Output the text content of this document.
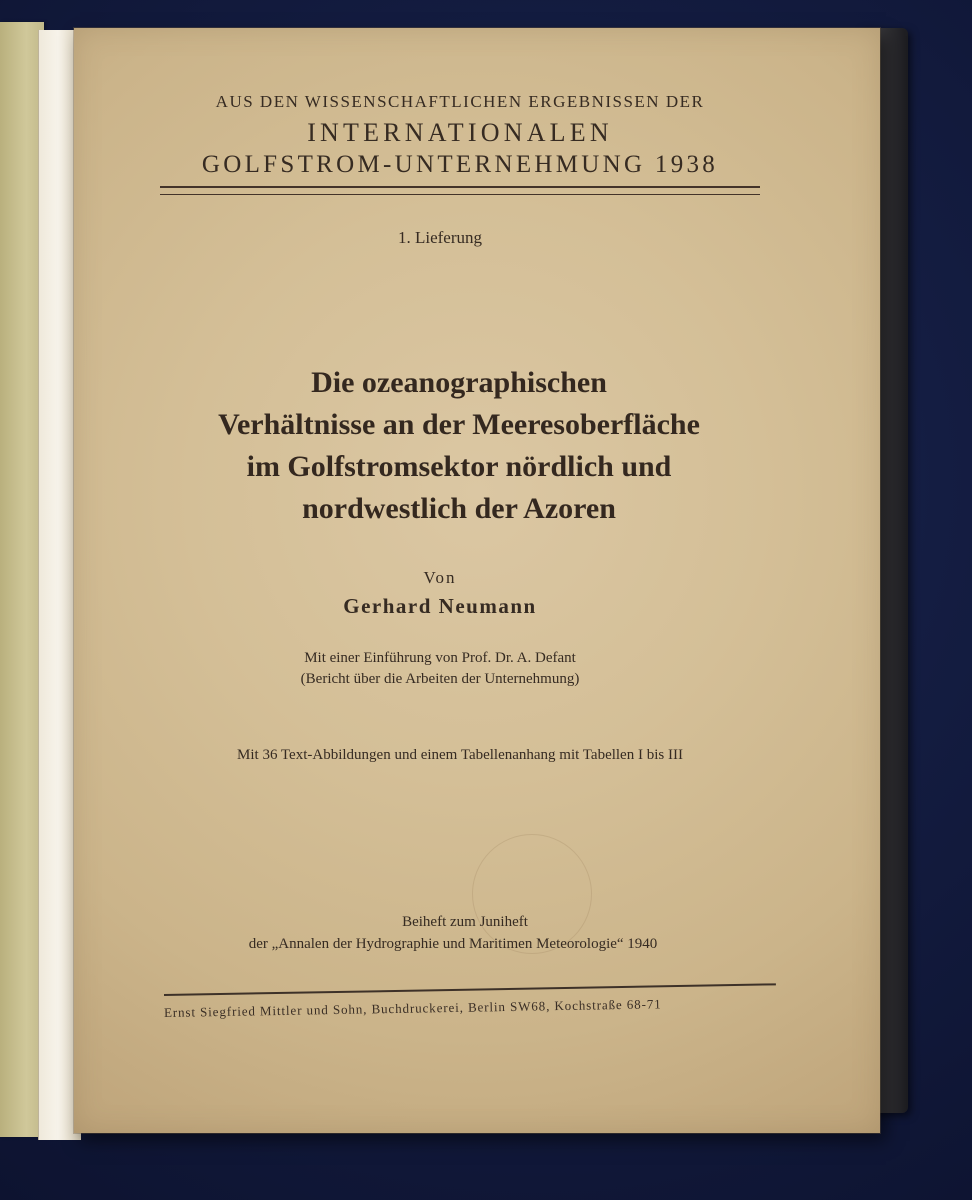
AUS DEN WISSENSCHAFTLICHEN ERGEBNISSEN DER
INTERNATIONALEN
GOLFSTROM-UNTERNEHMUNG 1938
1. Lieferung
Die ozeanographischen
Verhältnisse an der Meeresoberfläche
im Golfstromsektor nördlich und
nordwestlich der Azoren
Von
Gerhard Neumann
Mit einer Einführung von Prof. Dr. A. Defant
(Bericht über die Arbeiten der Unternehmung)
Mit 36 Text-Abbildungen und einem Tabellenanhang mit Tabellen I bis III
Beiheft zum Juniheft
der „Annalen der Hydrographie und Maritimen Meteorologie“ 1940
Ernst Siegfried Mittler und Sohn, Buchdruckerei, Berlin SW68, Kochstraße 68-71
